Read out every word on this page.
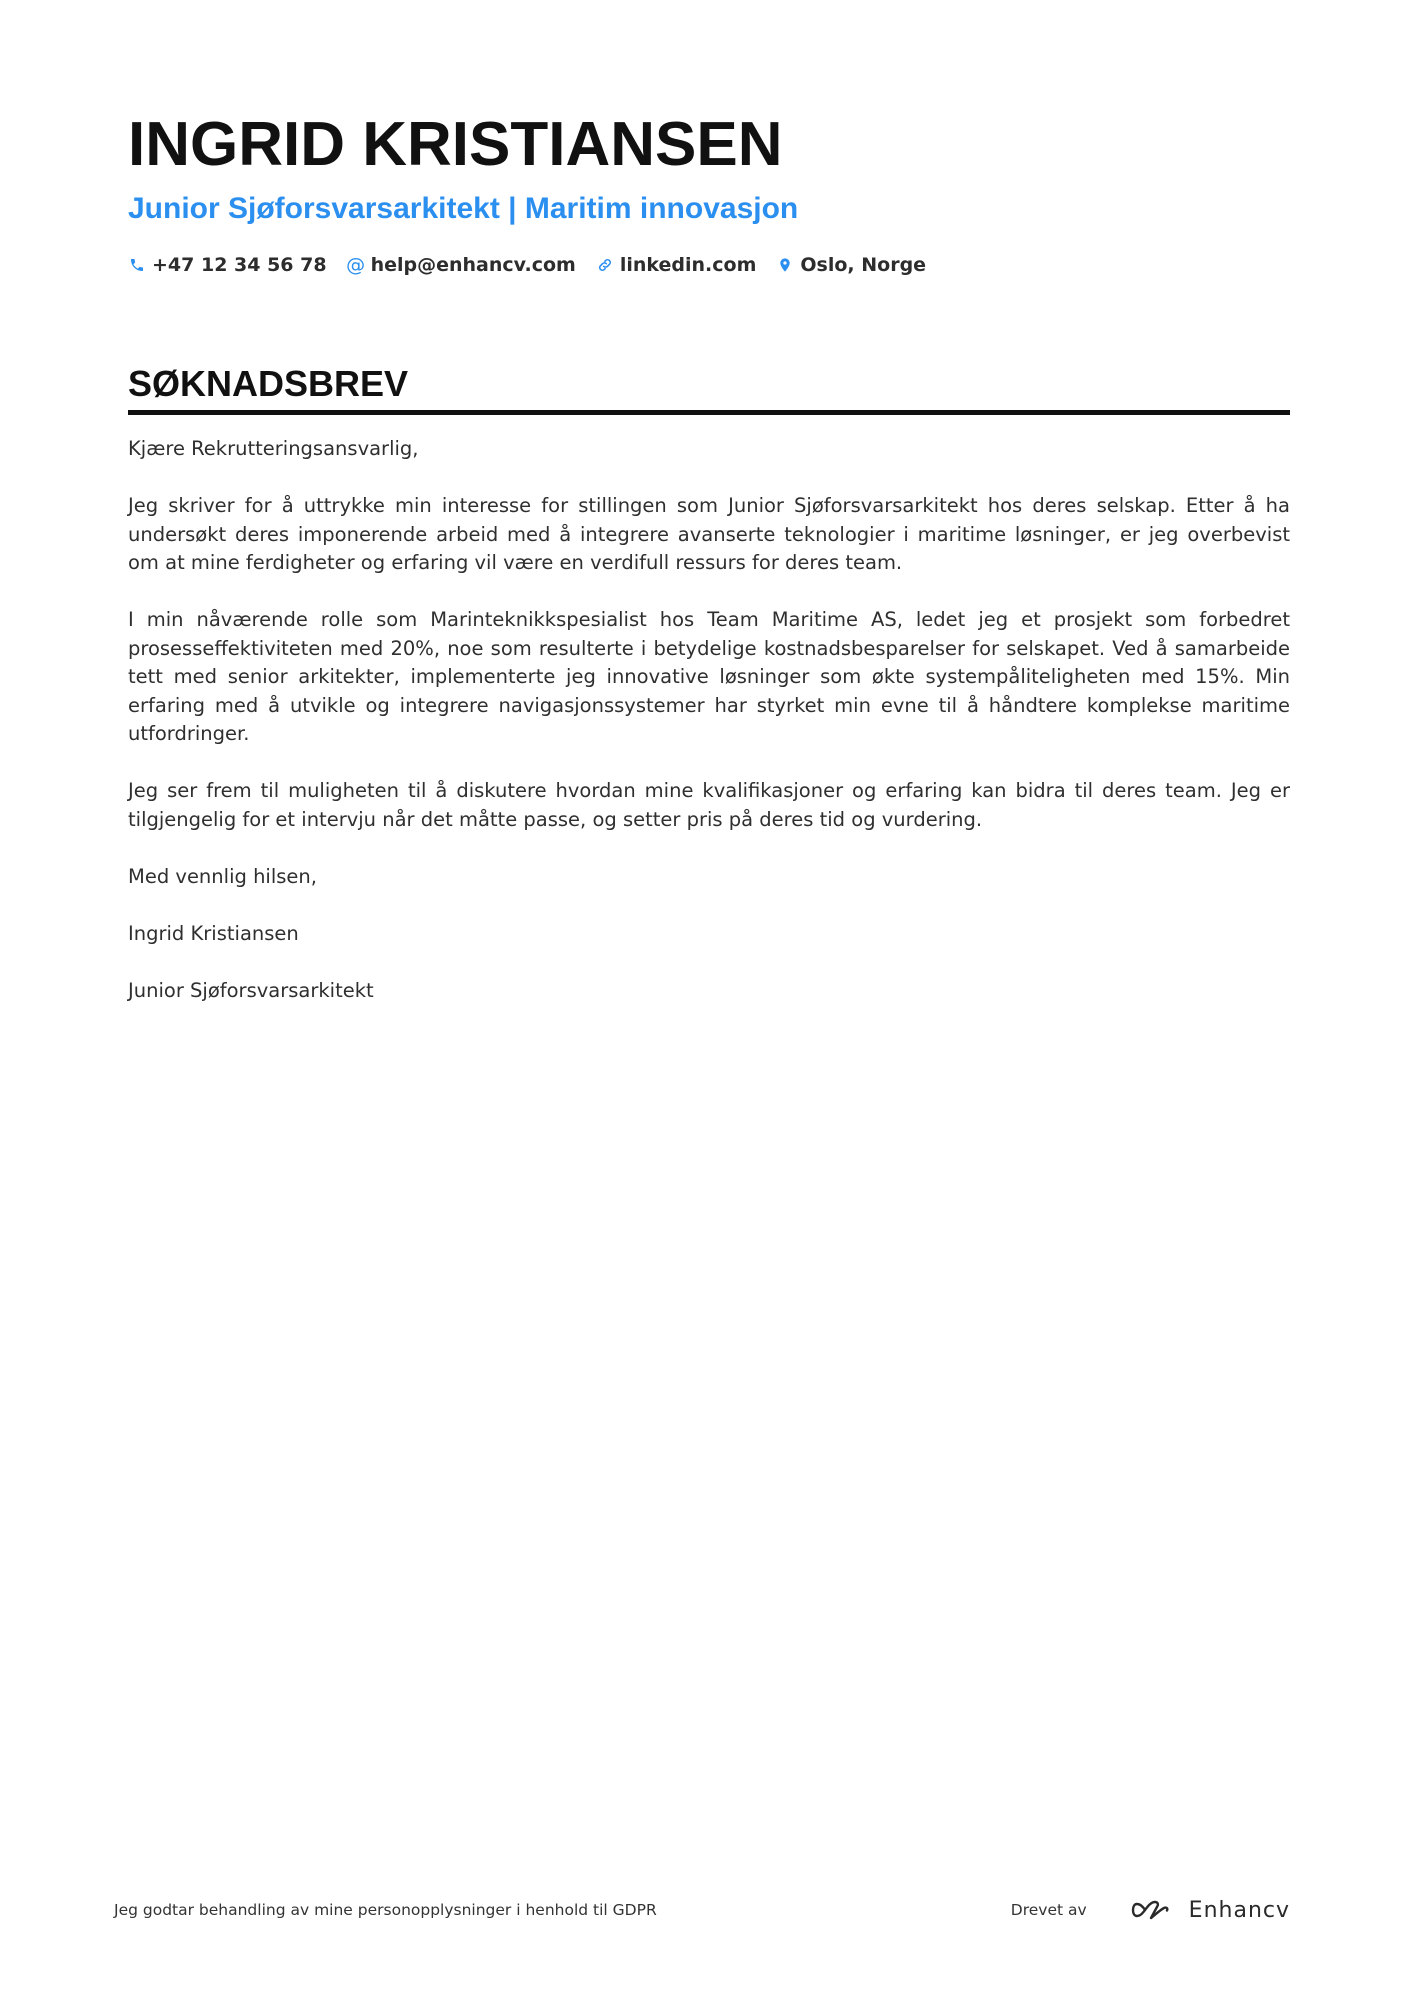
INGRID KRISTIANSEN
Junior Sjøforsvarsarkitekt | Maritim innovasjon
+47 12 34 56 78 @ help@enhancv.com linkedin.com Oslo, Norge
SØKNADSBREV

Kjære Rekrutteringsansvarlig,

Jeg skriver for å uttrykke min interesse for stillingen som Junior Sjøforsvarsarkitekt hos deres selskap. Etter å ha undersøkt deres imponerende arbeid med å integrere avanserte teknologier i maritime løsninger, er jeg overbevist om at mine ferdigheter og erfaring vil være en verdifull ressurs for deres team.

I min nåværende rolle som Marinteknikkspesialist hos Team Maritime AS, ledet jeg et prosjekt som forbedret prosesseffektiviteten med 20%, noe som resulterte i betydelige kostnadsbesparelser for selskapet. Ved å samarbeide tett med senior arkitekter, implementerte jeg innovative løsninger som økte systempåliteligheten med 15%. Min erfaring med å utvikle og integrere navigasjonssystemer har styrket min evne til å håndtere komplekse maritime utfordringer.

Jeg ser frem til muligheten til å diskutere hvordan mine kvalifikasjoner og erfaring kan bidra til deres team. Jeg er tilgjengelig for et intervju når det måtte passe, og setter pris på deres tid og vurdering.

Med vennlig hilsen,

Ingrid Kristiansen

Junior Sjøforsvarsarkitekt

Jeg godtar behandling av mine personopplysninger i henhold til GDPR	Drevet av	Enhancv
